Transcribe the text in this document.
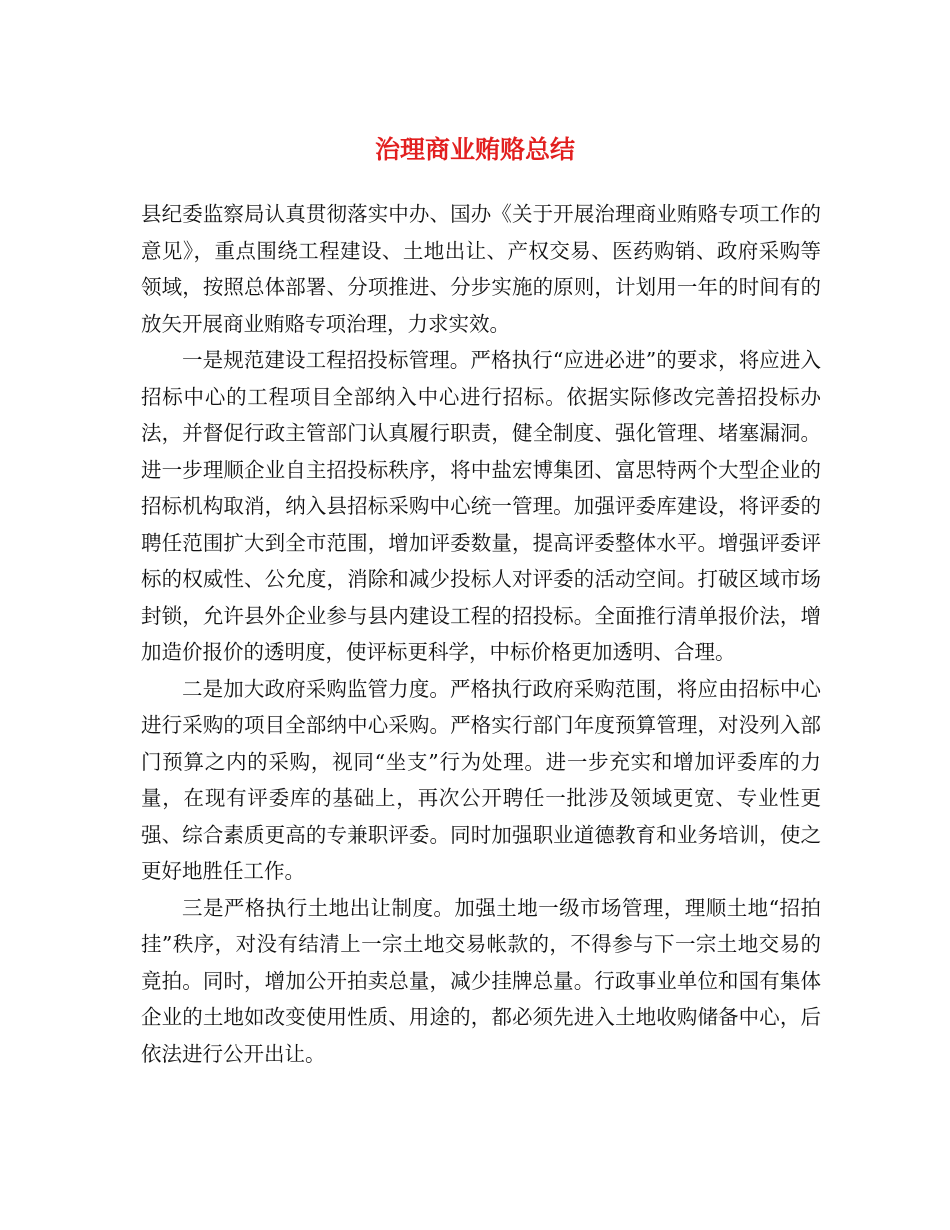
治理商业贿赂总结

县纪委监察局认真贯彻落实中办、国办《关于开展治理商业贿赂专项工作的意见》，重点围绕工程建设、土地出让、产权交易、医药购销、政府采购等领域，按照总体部署、分项推进、分步实施的原则，计划用一年的时间有的放矢开展商业贿赂专项治理，力求实效。

一是规范建设工程招投标管理。严格执行“应进必进”的要求，将应进入招标中心的工程项目全部纳入中心进行招标。依据实际修改完善招投标办法，并督促行政主管部门认真履行职责，健全制度、强化管理、堵塞漏洞。进一步理顺企业自主招投标秩序，将中盐宏博集团、富思特两个大型企业的招标机构取消，纳入县招标采购中心统一管理。加强评委库建设，将评委的聘任范围扩大到全市范围，增加评委数量，提高评委整体水平。增强评委评标的权威性、公允度，消除和减少投标人对评委的活动空间。打破区域市场封锁，允许县外企业参与县内建设工程的招投标。全面推行清单报价法，增加造价报价的透明度，使评标更科学，中标价格更加透明、合理。

二是加大政府采购监管力度。严格执行政府采购范围，将应由招标中心进行采购的项目全部纳中心采购。严格实行部门年度预算管理，对没列入部门预算之内的采购，视同“坐支”行为处理。进一步充实和增加评委库的力量，在现有评委库的基础上，再次公开聘任一批涉及领域更宽、专业性更强、综合素质更高的专兼职评委。同时加强职业道德教育和业务培训，使之更好地胜任工作。

三是严格执行土地出让制度。加强土地一级市场管理，理顺土地“招拍挂”秩序，对没有结清上一宗土地交易帐款的，不得参与下一宗土地交易的竟拍。同时，增加公开拍卖总量，减少挂牌总量。行政事业单位和国有集体企业的土地如改变使用性质、用途的，都必须先进入土地收购储备中心，后依法进行公开出让。
